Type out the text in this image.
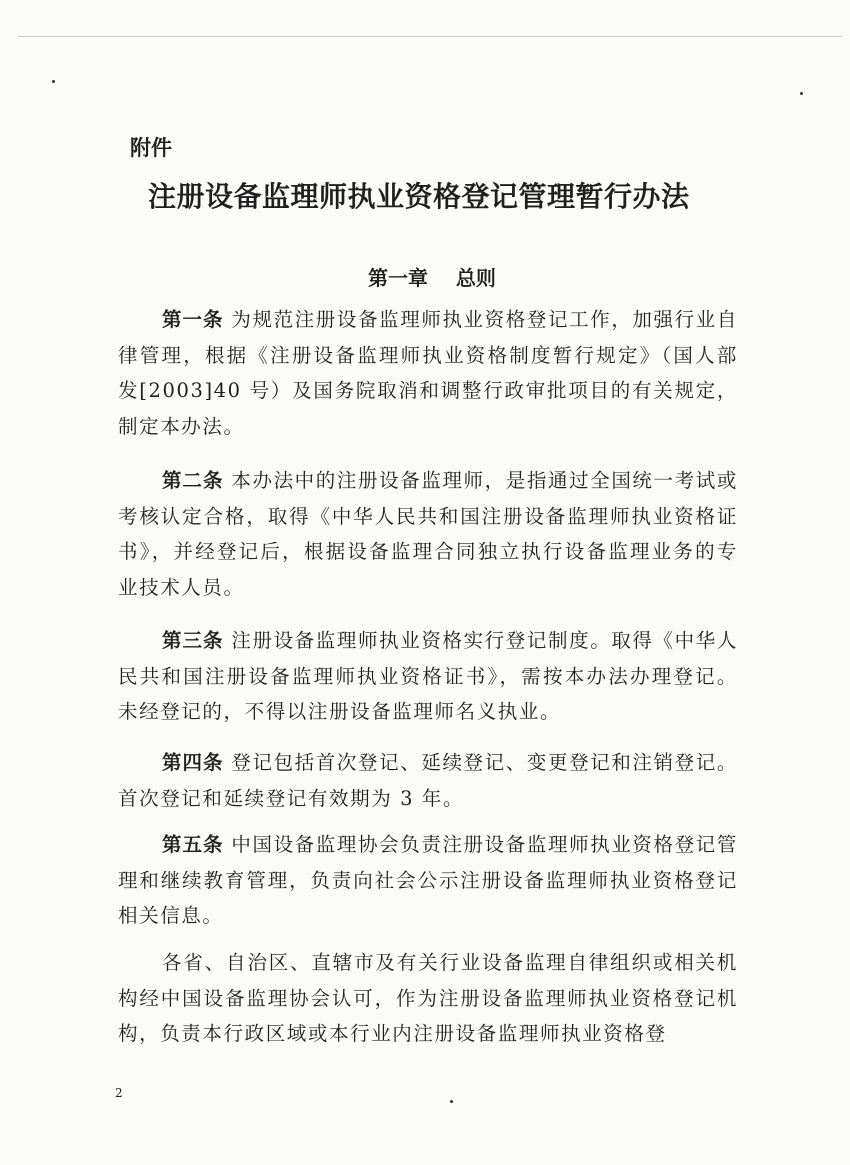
附件
注册设备监理师执业资格登记管理暂行办法
第一章    总则
第一条 为规范注册设备监理师执业资格登记工作，加强行业自律管理，根据《注册设备监理师执业资格制度暂行规定》（国人部发[2003]40 号）及国务院取消和调整行政审批项目的有关规定，制定本办法。
第二条 本办法中的注册设备监理师，是指通过全国统一考试或考核认定合格，取得《中华人民共和国注册设备监理师执业资格证书》，并经登记后，根据设备监理合同独立执行设备监理业务的专业技术人员。
第三条 注册设备监理师执业资格实行登记制度。取得《中华人民共和国注册设备监理师执业资格证书》，需按本办法办理登记。未经登记的，不得以注册设备监理师名义执业。
第四条 登记包括首次登记、延续登记、变更登记和注销登记。首次登记和延续登记有效期为 3 年。
第五条 中国设备监理协会负责注册设备监理师执业资格登记管理和继续教育管理，负责向社会公示注册设备监理师执业资格登记相关信息。
各省、自治区、直辖市及有关行业设备监理自律组织或相关机构经中国设备监理协会认可，作为注册设备监理师执业资格登记机构，负责本行政区域或本行业内注册设备监理师执业资格登
2
